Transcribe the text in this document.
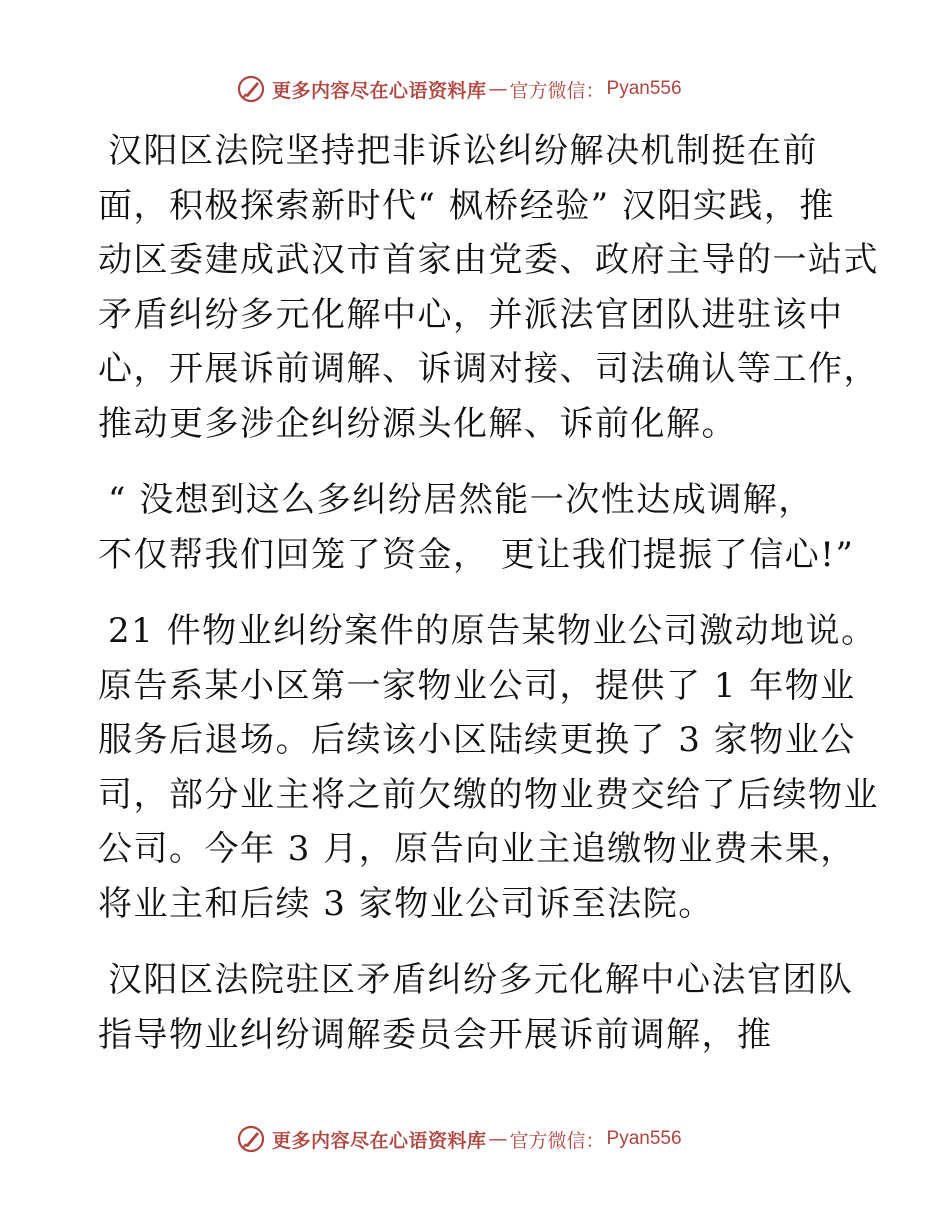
更多内容尽在心语资料库 — 官方微信： Pyan556
汉阳区法院坚持把非诉讼纠纷解决机制挺在前
面，积极探索新时代“ 枫桥经验” 汉阳实践，推
动区委建成武汉市首家由党委、政府主导的一站式
矛盾纠纷多元化解中心，并派法官团队进驻该中
心，开展诉前调解、诉调对接、司法确认等工作，
推动更多涉企纠纷源头化解、诉前化解。
“ 没想到这么多纠纷居然能一次性达成调解，
不仅帮我们回笼了资金， 更让我们提振了信心!”
21 件物业纠纷案件的原告某物业公司激动地说。
原告系某小区第一家物业公司，提供了 1 年物业
服务后退场。后续该小区陆续更换了 3 家物业公
司，部分业主将之前欠缴的物业费交给了后续物业
公司。今年 3 月，原告向业主追缴物业费未果，
将业主和后续 3 家物业公司诉至法院。
汉阳区法院驻区矛盾纠纷多元化解中心法官团队
指导物业纠纷调解委员会开展诉前调解，推
更多内容尽在心语资料库 — 官方微信： Pyan556
